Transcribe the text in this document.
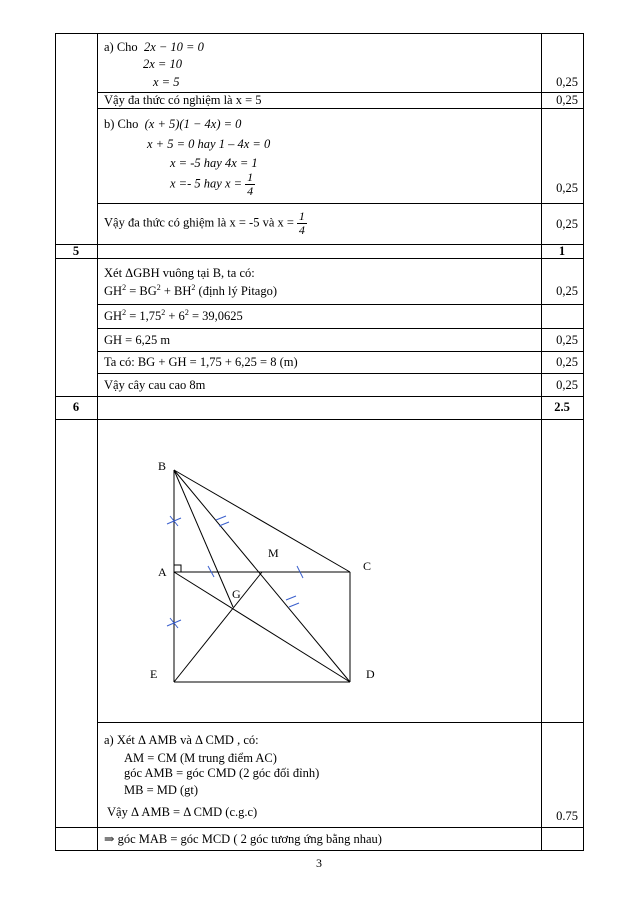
a) Cho 2x − 10 = 0
2x = 10
x = 5	0,25
Vậy đa thức có nghiệm là x = 5	0,25
b) Cho (x + 5)(1 − 4x) = 0
x + 5 = 0 hay 1 – 4x = 0
x = -5 hay 4x = 1
x =- 5 hay $x = \frac{1}{4}$	0,25
Vậy đa thức có ghiệm là x = -5 và $x = \frac{1}{4}$	0,25
5	1
Xét ΔGBH vuông tại B, ta có:
$GH^2 = BG^2 + BH^2$ (định lý Pitago)	0,25
$GH^2 = 1,75^2 + 6^2 = 39,0625$
GH = 6,25 m	0,25
Ta có: BG + GH = 1,75 + 6,25 = 8 (m)	0,25
Vậy cây cau cao 8m	0,25
6	2.5
B
A	C
M
G
E	D
a) Xét Δ AMB và Δ CMD , có:
AM = CM (M trung điểm AC)
góc AMB = góc CMD (2 góc đối đỉnh)
MB = MD (gt)
Vậy Δ AMB = Δ CMD (c.g.c)	0.75
⇒ góc MAB = góc MCD ( 2 góc tương ứng bằng nhau)
3
